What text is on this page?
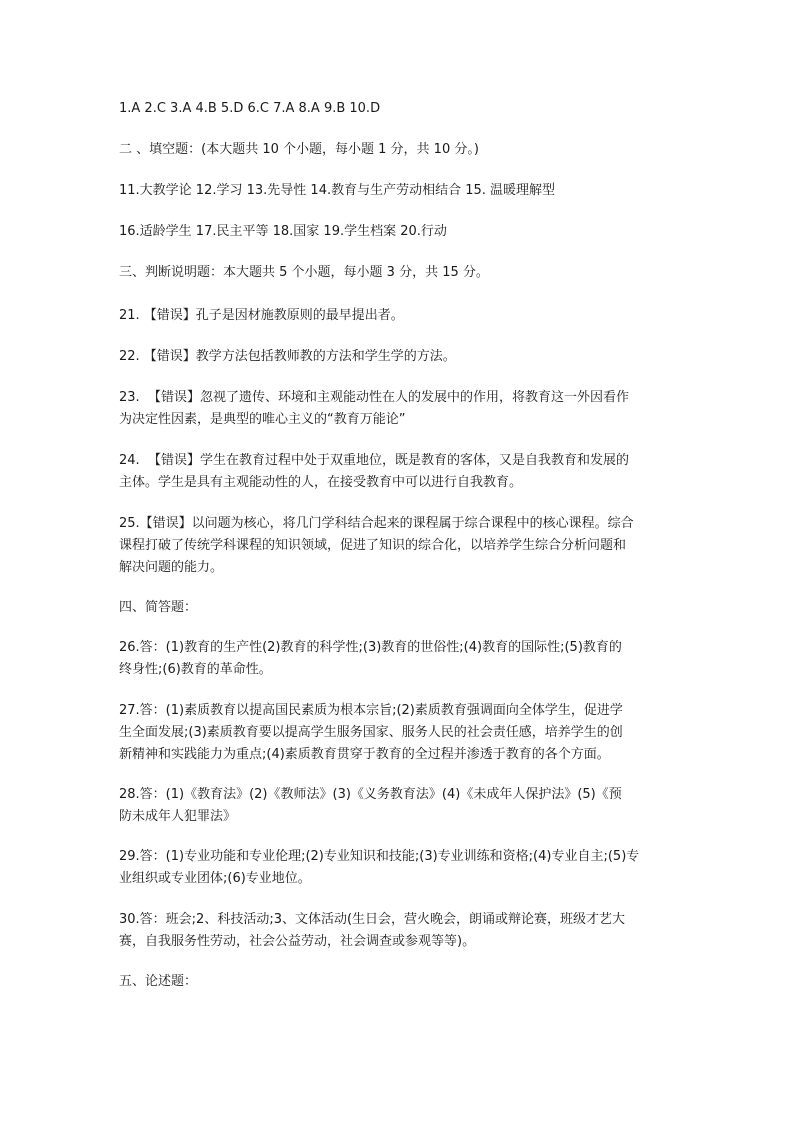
1.A 2.C 3.A 4.B 5.D 6.C 7.A 8.A 9.B 10.D

二 、填空题：(本大题共 10 个小题，每小题 1 分，共 10 分。)

11.大教学论 12.学习 13.先导性 14.教育与生产劳动相结合 15. 温暖理解型

16.适龄学生 17.民主平等 18.国家 19.学生档案 20.行动

三、判断说明题：本大题共 5 个小题，每小题 3 分，共 15 分。

21. 【错误】孔子是因材施教原则的最早提出者。

22. 【错误】教学方法包括教师教的方法和学生学的方法。

23.  【错误】忽视了遗传、环境和主观能动性在人的发展中的作用，将教育这一外因看作
为决定性因素，是典型的唯心主义的“教育万能论”

24.  【错误】学生在教育过程中处于双重地位，既是教育的客体，又是自我教育和发展的
主体。学生是具有主观能动性的人，在接受教育中可以进行自我教育。

25.【错误】以问题为核心，将几门学科结合起来的课程属于综合课程中的核心课程。综合
课程打破了传统学科课程的知识领域，促进了知识的综合化，以培养学生综合分析问题和
解决问题的能力。

四、简答题：

26.答：(1)教育的生产性(2)教育的科学性;(3)教育的世俗性;(4)教育的国际性;(5)教育的
终身性;(6)教育的革命性。

27.答：(1)素质教育以提高国民素质为根本宗旨;(2)素质教育强调面向全体学生，促进学
生全面发展;(3)素质教育要以提高学生服务国家、服务人民的社会责任感，培养学生的创
新精神和实践能力为重点;(4)素质教育贯穿于教育的全过程并渗透于教育的各个方面。

28.答：(1)《教育法》(2)《教师法》(3)《义务教育法》(4)《未成年人保护法》(5)《预
防未成年人犯罪法》

29.答：(1)专业功能和专业伦理;(2)专业知识和技能;(3)专业训练和资格;(4)专业自主;(5)专
业组织或专业团体;(6)专业地位。

30.答：班会;2、科技活动;3、文体活动(生日会，营火晚会，朗诵或辩论赛，班级才艺大
赛，自我服务性劳动，社会公益劳动，社会调查或参观等等)。

五、论述题：
